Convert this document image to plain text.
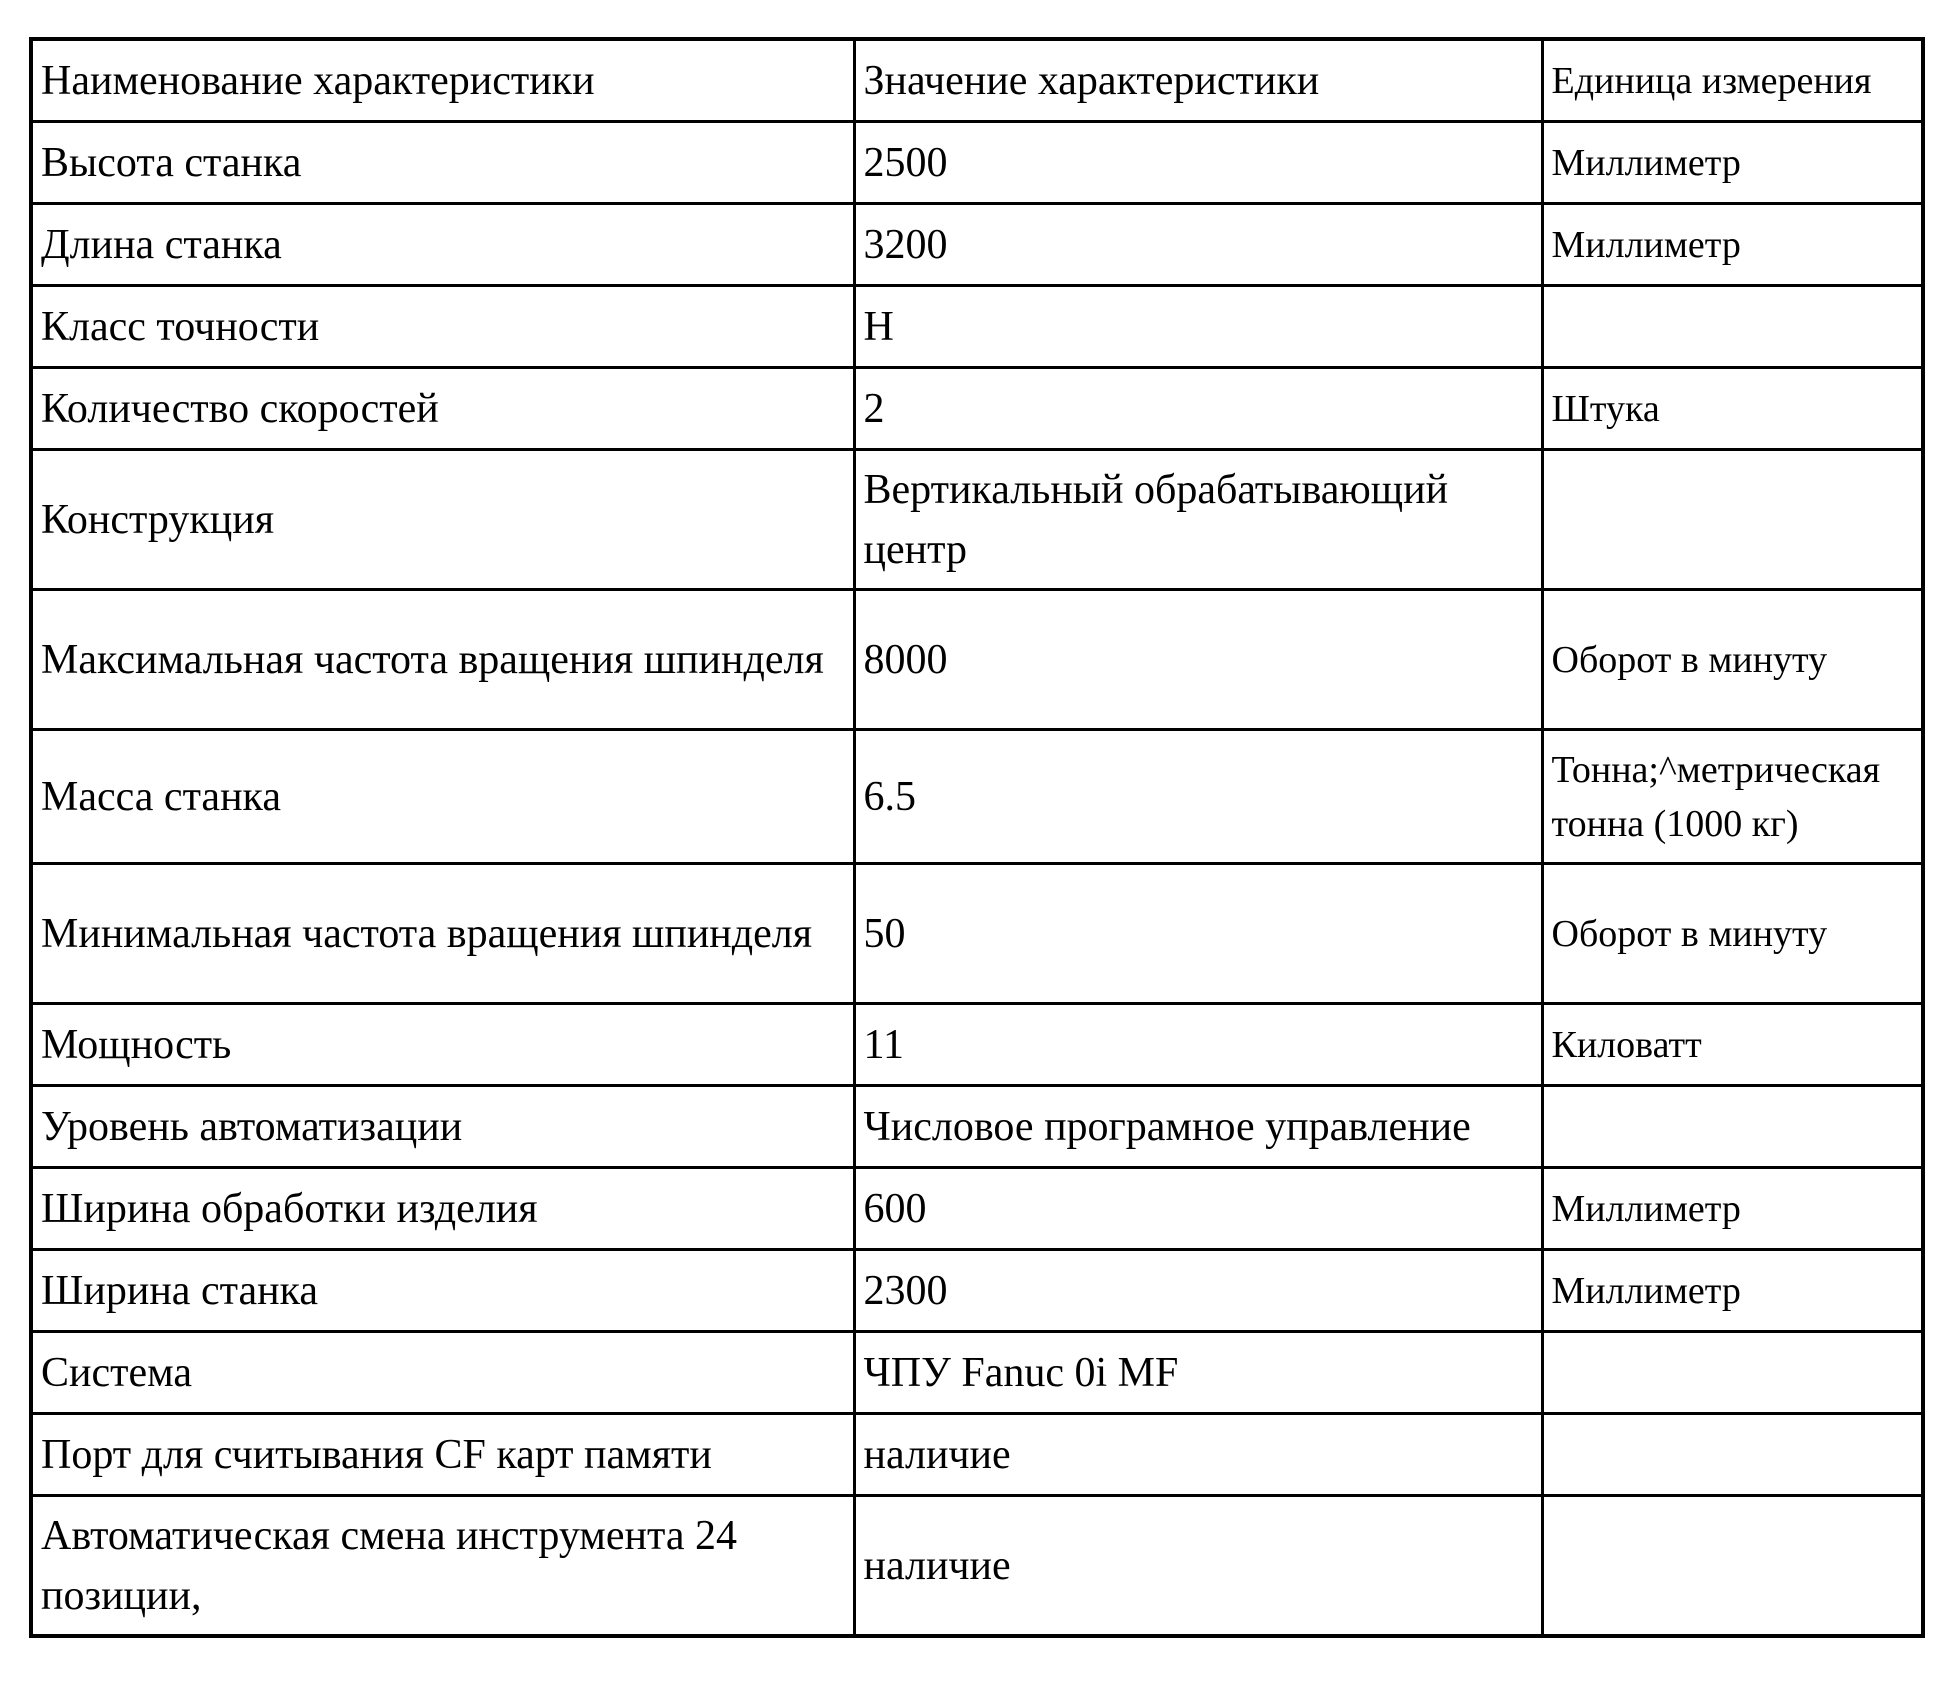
Наименование характеристики	Значение характеристики	Единица измерения
Высота станка	2500	Миллиметр
Длина станка	3200	Миллиметр
Класс точности	H	
Количество скоростей	2	Штука
Конструкция	Вертикальный обрабатывающий центр	
Максимальная частота вращения шпинделя	8000	Оборот в минуту
Масса станка	6.5	Тонна;^метрическая тонна (1000 кг)
Минимальная частота вращения шпинделя	50	Оборот в минуту
Мощность	11	Киловатт
Уровень автоматизации	Числовое програмное управление	
Ширина обработки изделия	600	Миллиметр
Ширина станка	2300	Миллиметр
Система	ЧПУ Fanuc 0i MF	
Порт для считывания CF карт памяти	наличие	
Автоматическая смена инструмента 24 позиции,	наличие	
